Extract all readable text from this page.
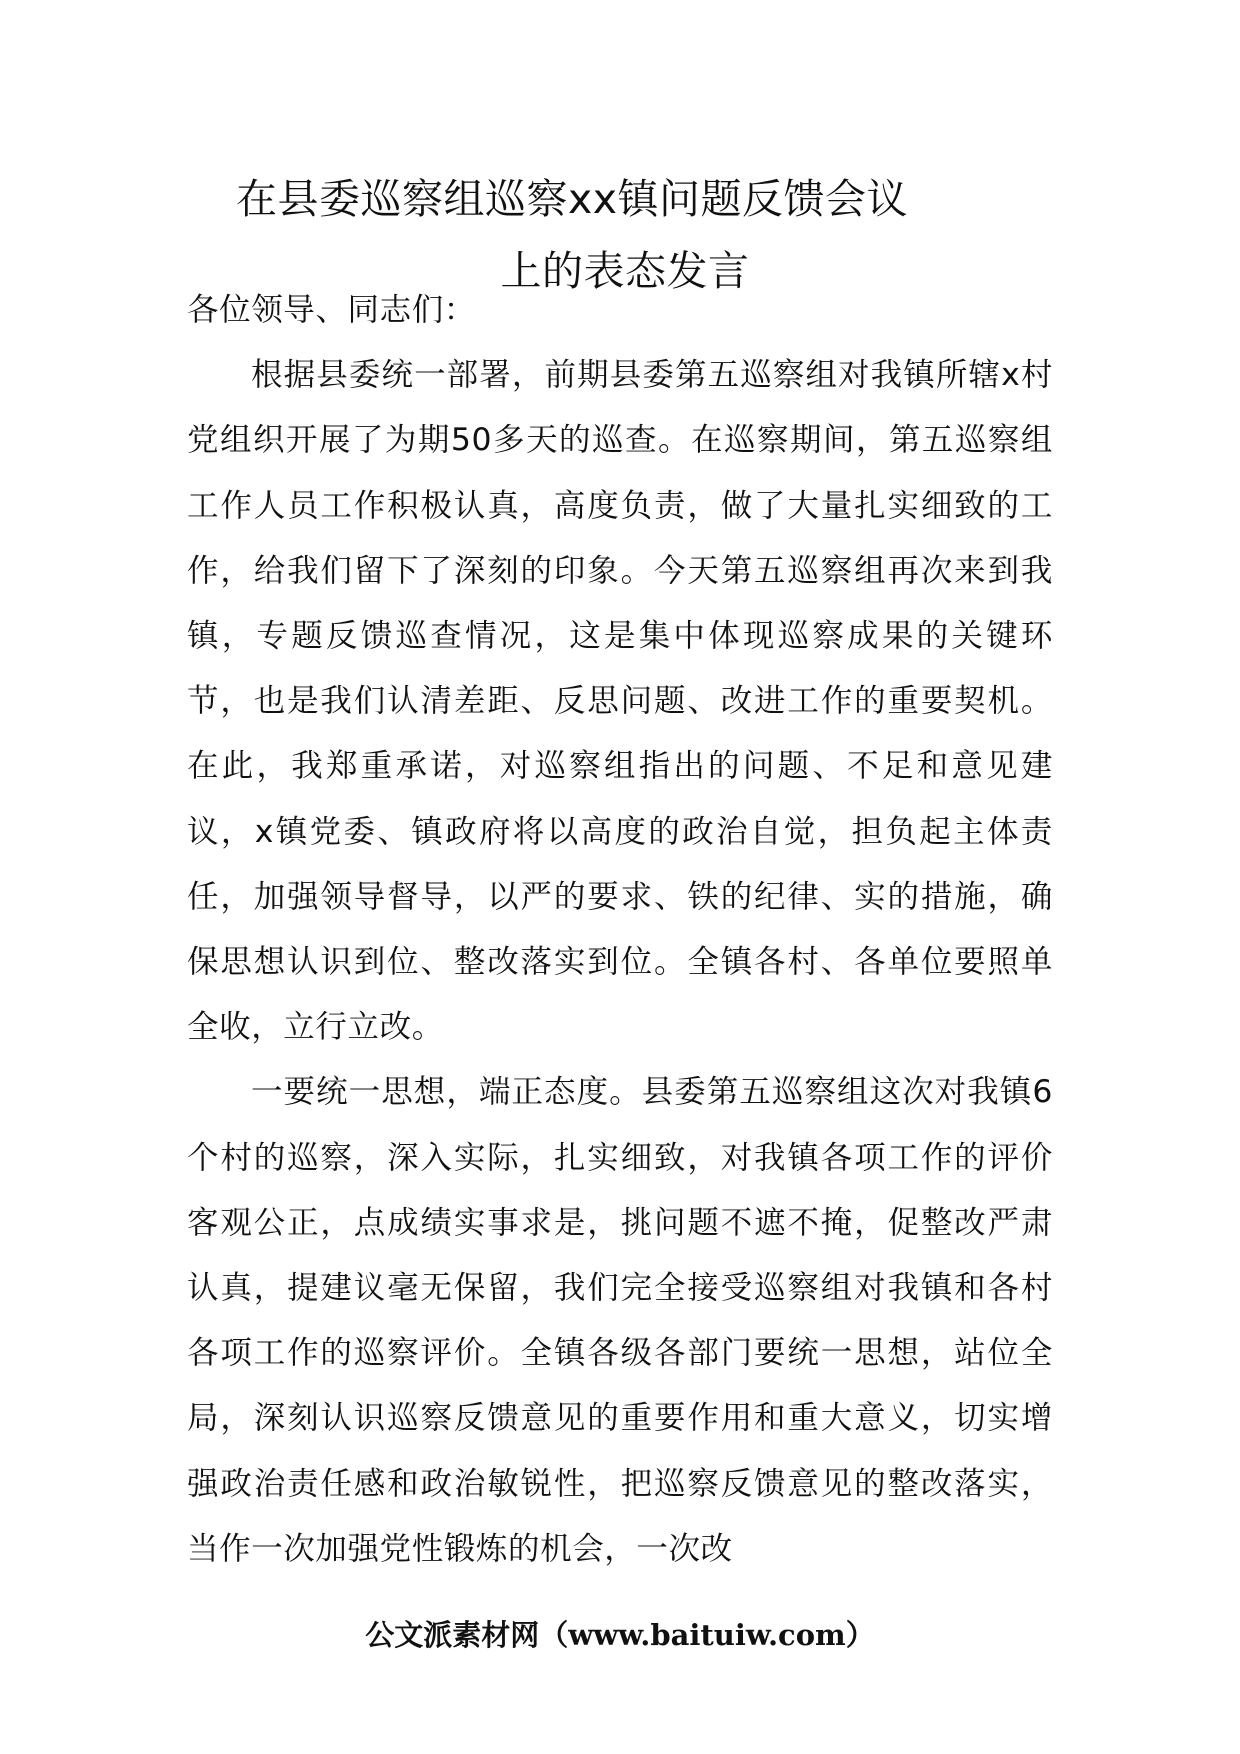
在县委巡察组巡察xx镇问题反馈会议
上的表态发言

各位领导、同志们：

根据县委统一部署，前期县委第五巡察组对我镇所辖x村党组织开展了为期50多天的巡查。在巡察期间，第五巡察组工作人员工作积极认真，高度负责，做了大量扎实细致的工作，给我们留下了深刻的印象。今天第五巡察组再次来到我镇，专题反馈巡查情况，这是集中体现巡察成果的关键环节，也是我们认清差距、反思问题、改进工作的重要契机。在此，我郑重承诺，对巡察组指出的问题、不足和意见建议，x镇党委、镇政府将以高度的政治自觉，担负起主体责任，加强领导督导，以严的要求、铁的纪律、实的措施，确保思想认识到位、整改落实到位。全镇各村、各单位要照单全收，立行立改。

一要统一思想，端正态度。县委第五巡察组这次对我镇6个村的巡察，深入实际，扎实细致，对我镇各项工作的评价客观公正，点成绩实事求是，挑问题不遮不掩，促整改严肃认真，提建议毫无保留，我们完全接受巡察组对我镇和各村各项工作的巡察评价。全镇各级各部门要统一思想，站位全局，深刻认识巡察反馈意见的重要作用和重大意义，切实增强政治责任感和政治敏锐性，把巡察反馈意见的整改落实，当作一次加强党性锻炼的机会，一次改

公文派素材网（www.baituiw.com）
